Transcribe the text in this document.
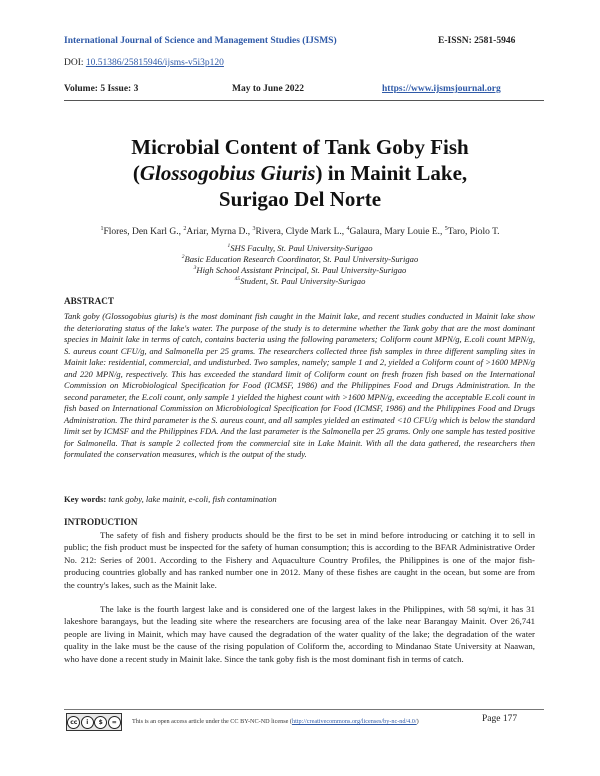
International Journal of Science and Management Studies (IJSMS)	E-ISSN: 2581-5946
DOI: 10.51386/25815946/ijsms-v5i3p120
Volume: 5 Issue: 3	May to June 2022	https://www.ijsmsjournal.org
Microbial Content of Tank Goby Fish
(Glossogobius Giuris) in Mainit Lake,
Surigao Del Norte
$^1$Flores, Den Karl G., $^2$Ariar, Myrna D., $^3$Rivera, Clyde Mark L., $^4$Galaura, Mary Louie E., $^5$Taro, Piolo T.
$^1$SHS Faculty, St. Paul University-Surigao
$^2$Basic Education Research Coordinator, St. Paul University-Surigao
$^3$High School Assistant Principal, St. Paul University-Surigao
$^{45}$Student, St. Paul University-Surigao
ABSTRACT
Tank goby (Glossogobius giuris) is the most dominant fish caught in the Mainit lake, and recent studies conducted in Mainit lake show the deteriorating status of the lake's water. The purpose of the study is to determine whether the Tank goby that are the most dominant species in Mainit lake in terms of catch, contains bacteria using the following parameters; Coliform count MPN/g, E.coli count MPN/g, S. aureus count CFU/g, and Salmonella per 25 grams. The researchers collected three fish samples in three different sampling sites in Mainit lake: residential, commercial, and undisturbed. Two samples, namely; sample 1 and 2, yielded a Coliform count of >1600 MPN/g and 220 MPN/g, respectively. This has exceeded the standard limit of Coliform count on fresh frozen fish based on the International Commission on Microbiological Specification for Food (ICMSF, 1986) and the Philippines Food and Drugs Administration. In the second parameter, the E.coli count, only sample 1 yielded the highest count with >1600 MPN/g, exceeding the acceptable E.coli count in fish based on International Commission on Microbiological Specification for Food (ICMSF, 1986) and the Philippines Food and Drugs Administration. The third parameter is the S. aureus count, and all samples yielded an estimated <10 CFU/g which is below the standard limit set by ICMSF and the Philippines FDA. And the last parameter is the Salmonella per 25 grams. Only one sample has tested positive for Salmonella. That is sample 2 collected from the commercial site in Lake Mainit. With all the data gathered, the researchers then formulated the conservation measures, which is the output of the study.
Key words: tank goby, lake mainit, e-coli, fish contamination
INTRODUCTION
The safety of fish and fishery products should be the first to be set in mind before introducing or catching it to sell in public; the fish product must be inspected for the safety of human consumption; this is according to the BFAR Administrative Order No. 212: Series of 2001. According to the Fishery and Aquaculture Country Profiles, the Philippines is one of the major fish-producing countries globally and has ranked number one in 2012. Many of these fishes are caught in the ocean, but some are from the country's lakes, such as the Mainit lake.
The lake is the fourth largest lake and is considered one of the largest lakes in the Philippines, with 58 sq/mi, it has 31 lakeshore barangays, but the leading site where the researchers are focusing area of the lake near Barangay Mainit. Over 26,741 people are living in Mainit, which may have caused the degradation of the water quality of the lake; the degradation of the water quality in the lake must be the cause of the rising population of Coliform the, according to Mindanao State University at Naawan, who have done a recent study in Mainit lake. Since the tank goby fish is the most dominant fish in terms of catch.
cc	i	$	=	This is an open access article under the CC BY-NC-ND license (http://creativecommons.org/licenses/by-nc-nd/4.0/)	Page 177
